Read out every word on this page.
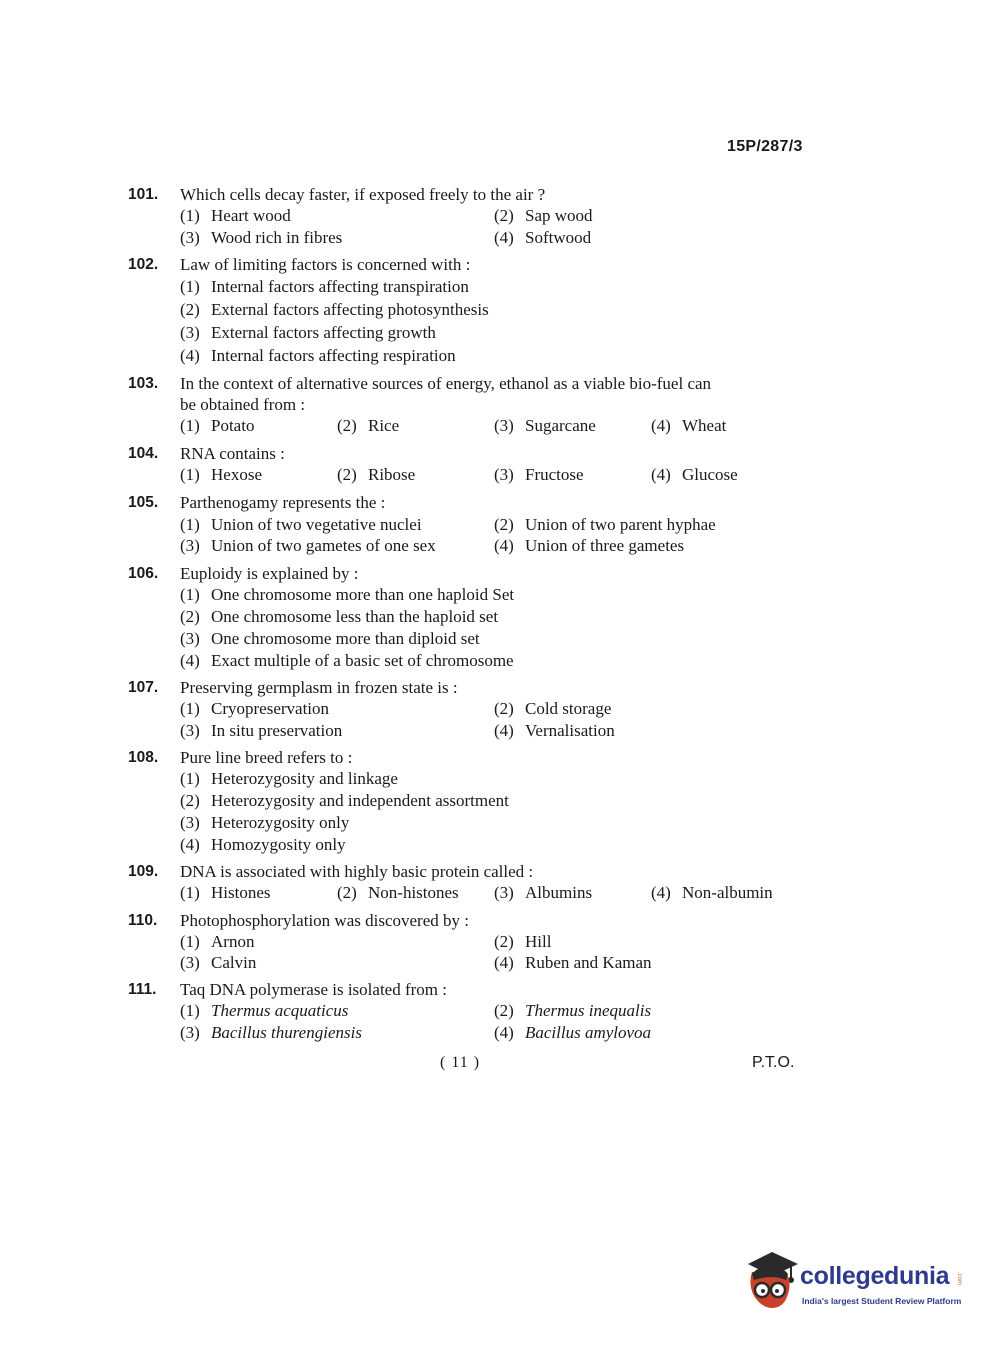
15P/287/3
101. Which cells decay faster, if exposed freely to the air ?
(1) Heart wood	(2) Sap wood
(3) Wood rich in fibres	(4) Softwood
102. Law of limiting factors is concerned with :
(1) Internal factors affecting transpiration
(2) External factors affecting photosynthesis
(3) External factors affecting growth
(4) Internal factors affecting respiration
103. In the context of alternative sources of energy, ethanol as a viable bio-fuel can
be obtained from :
(1) Potato	(2) Rice	(3) Sugarcane	(4) Wheat
104. RNA contains :
(1) Hexose	(2) Ribose	(3) Fructose	(4) Glucose
105. Parthenogamy represents the :
(1) Union of two vegetative nuclei	(2) Union of two parent hyphae
(3) Union of two gametes of one sex	(4) Union of three gametes
106. Euploidy is explained by :
(1) One chromosome more than one haploid Set
(2) One chromosome less than the haploid set
(3) One chromosome more than diploid set
(4) Exact multiple of a basic set of chromosome
107. Preserving germplasm in frozen state is :
(1) Cryopreservation	(2) Cold storage
(3) In situ preservation	(4) Vernalisation
108. Pure line breed refers to :
(1) Heterozygosity and linkage
(2) Heterozygosity and independent assortment
(3) Heterozygosity only
(4) Homozygosity only
109. DNA is associated with highly basic protein called :
(1) Histones	(2) Non-histones (3) Albumins	(4) Non-albumin
110. Photophosphorylation was discovered by :
(1) Arnon	(2) Hill
(3) Calvin	(4) Ruben and Kaman
111. Taq DNA polymerase is isolated from :
(1) Thermus acquaticus	(2) Thermus inequalis
(3) Bacillus thurengiensis	(4) Bacillus amylovoa
( 11 )	P.T.O.
collegedunia .com
India's largest Student Review Platform
